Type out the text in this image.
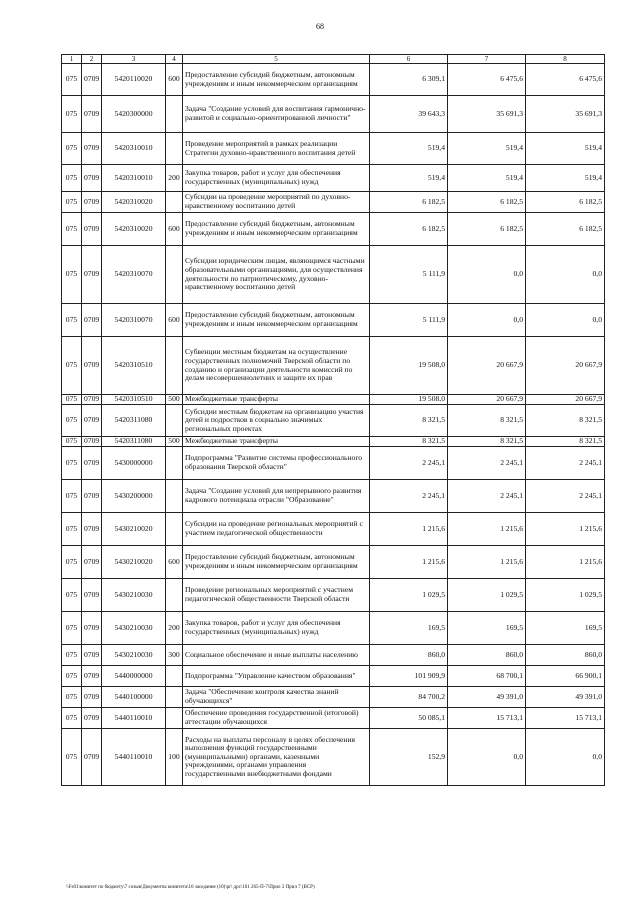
68
1	2	3	4	5	6	7	8
075	0709	5420110020	600	Предоставление субсидий бюджетным, автономным учреждениям и иным некоммерческим организациям	6 309,1	6 475,6	6 475,6
075	0709	5420300000		Задача "Создание условий для воспитания гармонично-развитой и социально-ориентированной личности"	39 643,3	35 691,3	35 691,3
075	0709	5420310010		Проведение мероприятий в рамках реализации Стратегии духовно-нравственного воспитания детей	519,4	519,4	519,4
075	0709	5420310010	200	Закупка товаров, работ и услуг для обеспечения государственных (муниципальных) нужд	519,4	519,4	519,4
075	0709	5420310020		Субсидии на проведение мероприятий по духовно-нравственному воспитанию детей	6 182,5	6 182,5	6 182,5
075	0709	5420310020	600	Предоставление субсидий бюджетным, автономным учреждениям и иным некоммерческим организациям	6 182,5	6 182,5	6 182,5
075	0709	5420310070		Субсидии юридическим лицам, являющимся частными образовательными организациями, для осуществления деятельности по патриотическому, духовно-нравственному воспитанию детей	5 111,9	0,0	0,0
075	0709	5420310070	600	Предоставление субсидий бюджетным, автономным учреждениям и иным некоммерческим организациям	5 111,9	0,0	0,0
075	0709	5420310510		Субвенции местным бюджетам на осуществление государственных полномочий Тверской области по созданию и организации деятельности комиссий по делам несовершеннолетних и защите их прав	19 508,0	20 667,9	20 667,9
075	0709	5420310510	500	Межбюджетные трансферты	19 508,0	20 667,9	20 667,9
075	0709	5420311080		Субсидии местным бюджетам на организацию участия детей и подростков в социально значимых региональных проектах	8 321,5	8 321,5	8 321,5
075	0709	5420311080	500	Межбюджетные трансферты	8 321,5	8 321,5	8 321,5
075	0709	5430000000		Подпрограмма "Развитие системы профессионального образования Тверской области"	2 245,1	2 245,1	2 245,1
075	0709	5430200000		Задача "Создание условий для непрерывного развития кадрового потенциала отрасли "Образование"	2 245,1	2 245,1	2 245,1
075	0709	5430210020		Субсидии на проведение региональных мероприятий с участием педагогической общественности	1 215,6	1 215,6	1 215,6
075	0709	5430210020	600	Предоставление субсидий бюджетным, автономным учреждениям и иным некоммерческим организациям	1 215,6	1 215,6	1 215,6
075	0709	5430210030		Проведение региональных мероприятий с участием педагогической общественности Тверской области	1 029,5	1 029,5	1 029,5
075	0709	5430210030	200	Закупка товаров, работ и услуг для обеспечения государственных (муниципальных) нужд	169,5	169,5	169,5
075	0709	5430210030	300	Социальное обеспечение и иные выплаты населению	860,0	860,0	860,0
075	0709	5440000000		Подпрограмма "Управление качеством образования"	101 909,9	68 700,1	66 900,1
075	0709	5440100000		Задача "Обеспечение контроля качества знаний обучающихся"	84 700,2	49 391,0	49 391,0
075	0709	5440110010		Обеспечение проведения государственной (итоговой) аттестации обучающихся	50 085,1	15 713,1	15 713,1
075	0709	5440110010	100	Расходы на выплаты персоналу в целях обеспечения выполнения функций государственными (муниципальными) органами, казенными учреждениями, органами управления государственными внебюджетными фондами	152,9	0,0	0,0
\\Fs01\комитет по бюджету\7 созыв\Документы комитета\16 заседание (10)\pr\ дрс\161 265-П-7\Прил 3 Прил 7 (ВСР)
